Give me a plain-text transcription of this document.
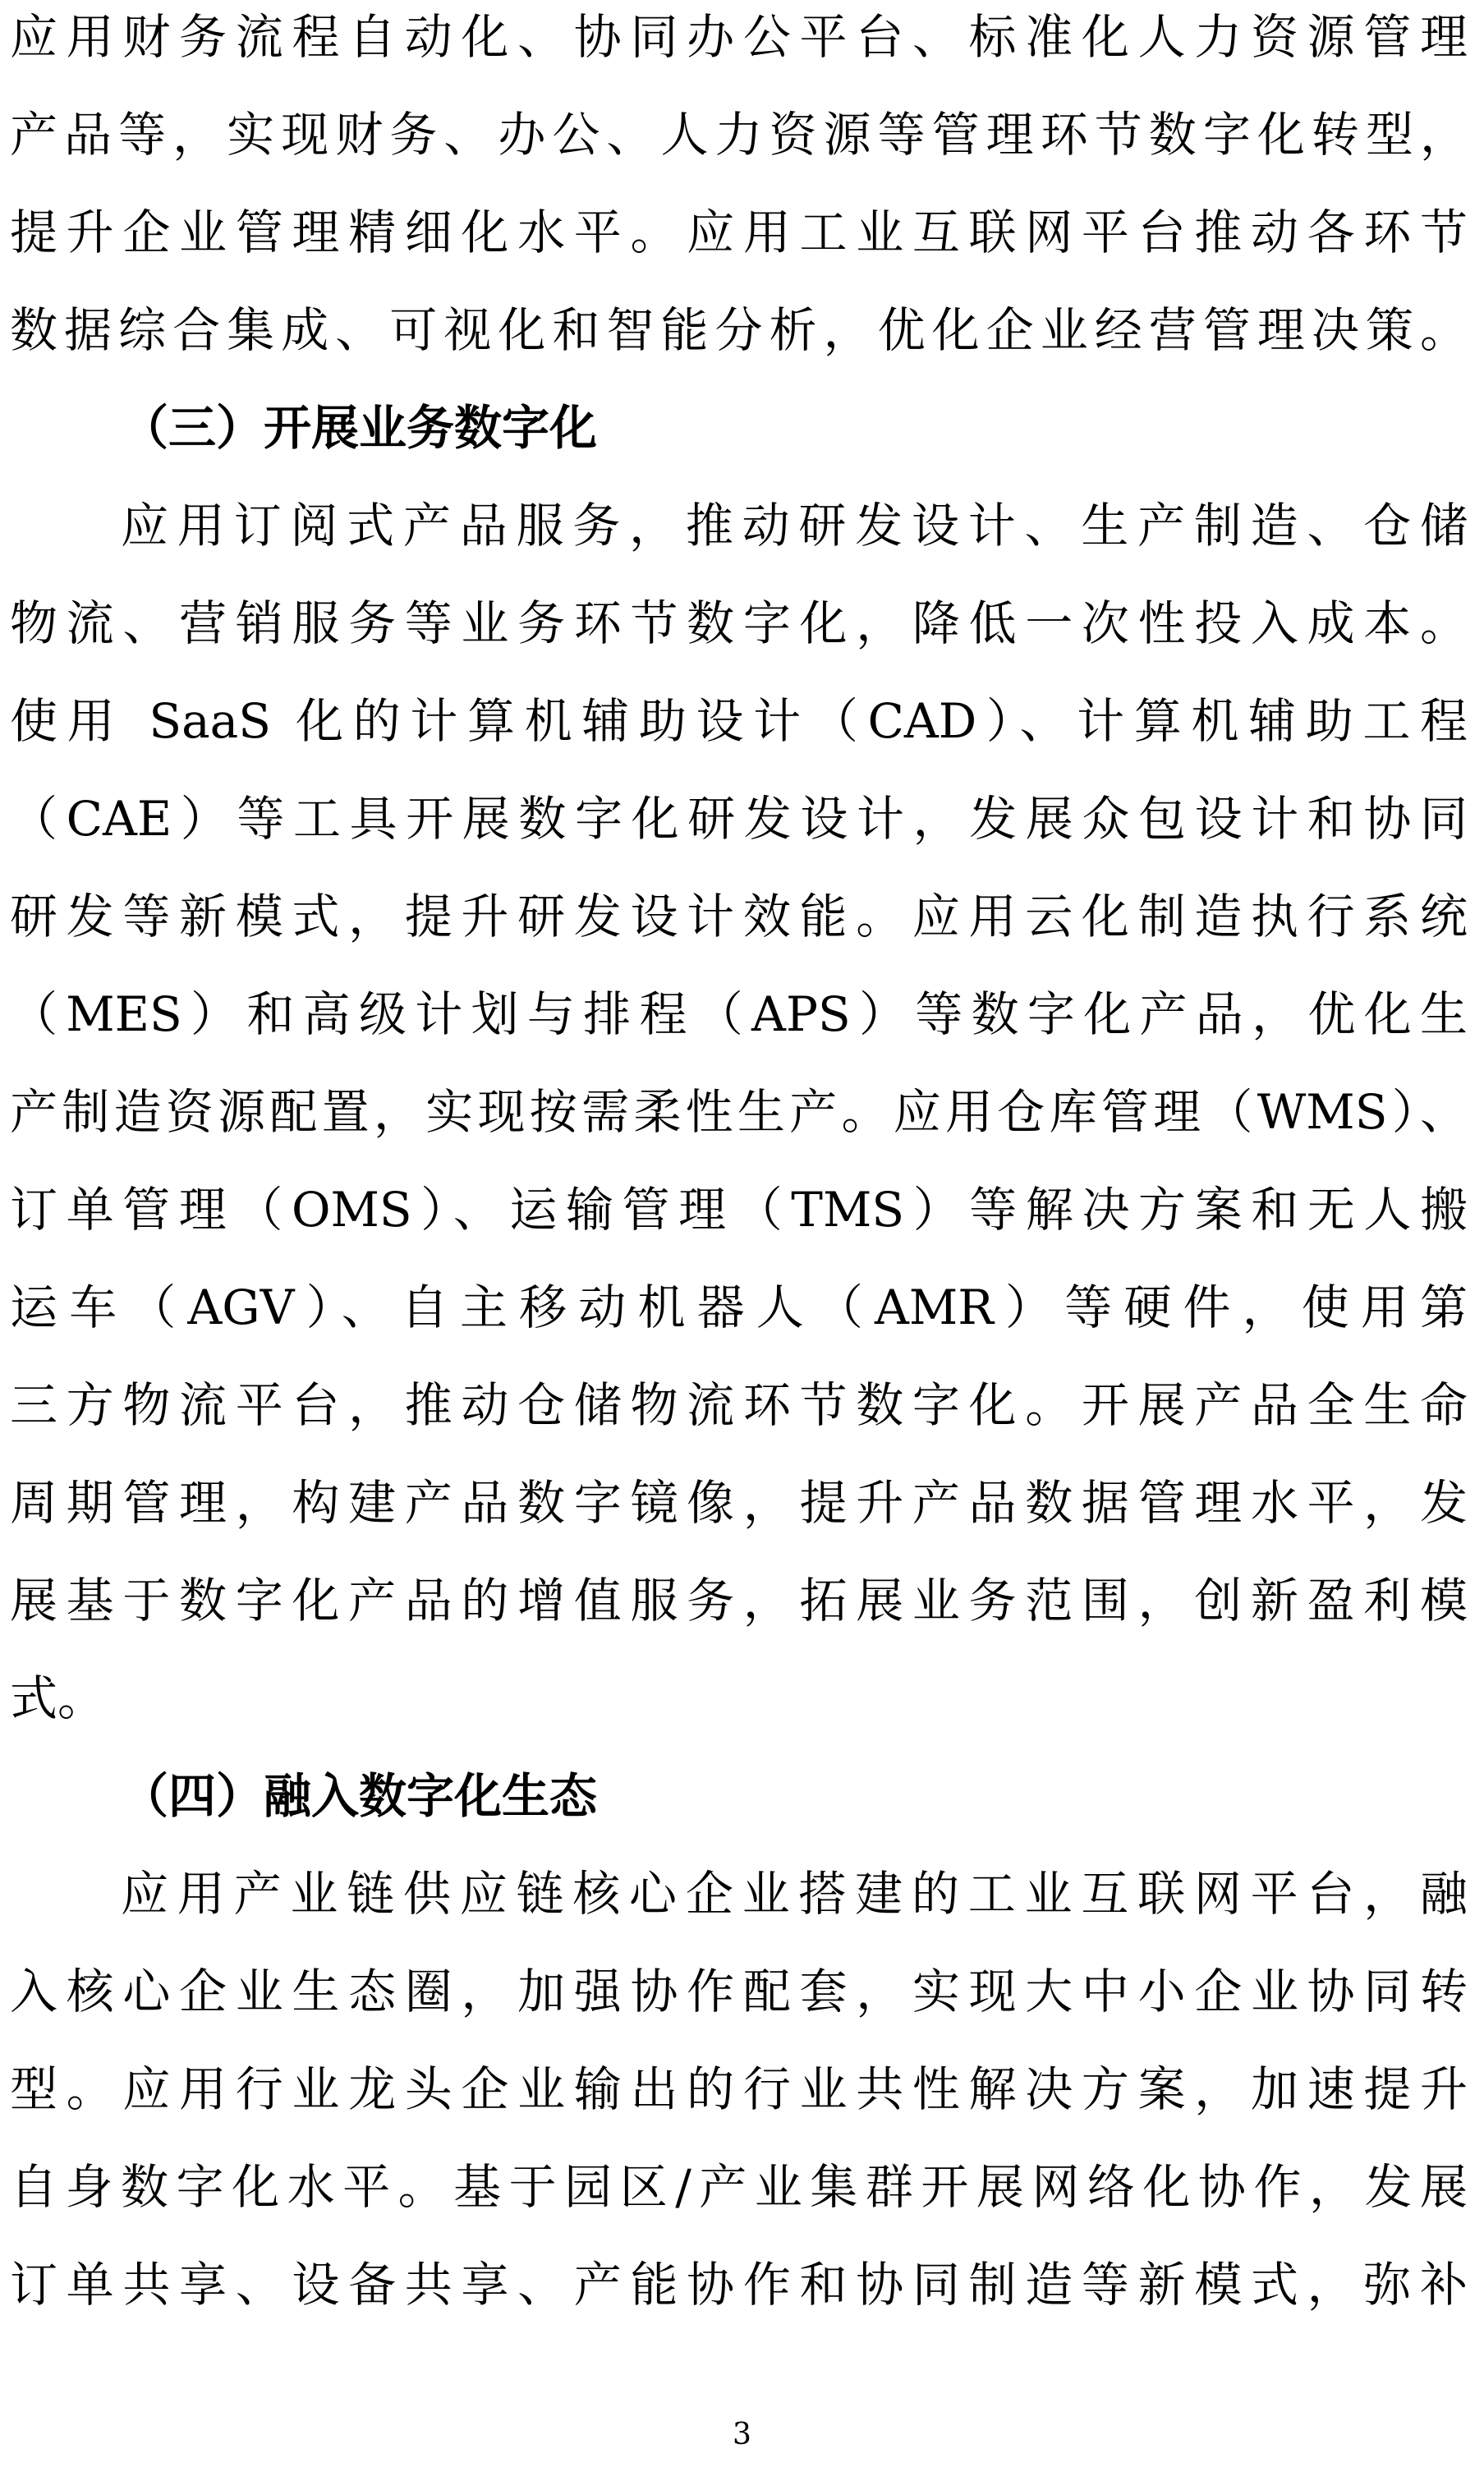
应用财务流程自动化、协同办公平台、标准化人力资源管理
产品等，实现财务、办公、人力资源等管理环节数字化转型，
提升企业管理精细化水平。应用工业互联网平台推动各环节
数据综合集成、可视化和智能分析，优化企业经营管理决策。
（三）开展业务数字化
应用订阅式产品服务，推动研发设计、生产制造、仓储
物流、营销服务等业务环节数字化，降低一次性投入成本。
使用 SaaS 化的计算机辅助设计（CAD）、计算机辅助工程
（CAE）等工具开展数字化研发设计，发展众包设计和协同
研发等新模式，提升研发设计效能。应用云化制造执行系统
（MES）和高级计划与排程（APS）等数字化产品，优化生
产制造资源配置，实现按需柔性生产。应用仓库管理（WMS）、
订单管理（OMS）、运输管理（TMS）等解决方案和无人搬
运车（AGV）、自主移动机器人（AMR）等硬件，使用第
三方物流平台，推动仓储物流环节数字化。开展产品全生命
周期管理，构建产品数字镜像，提升产品数据管理水平，发
展基于数字化产品的增值服务，拓展业务范围，创新盈利模
式。
（四）融入数字化生态
应用产业链供应链核心企业搭建的工业互联网平台，融
入核心企业生态圈，加强协作配套，实现大中小企业协同转
型。应用行业龙头企业输出的行业共性解决方案，加速提升
自身数字化水平。基于园区/产业集群开展网络化协作，发展
订单共享、设备共享、产能协作和协同制造等新模式，弥补
3
